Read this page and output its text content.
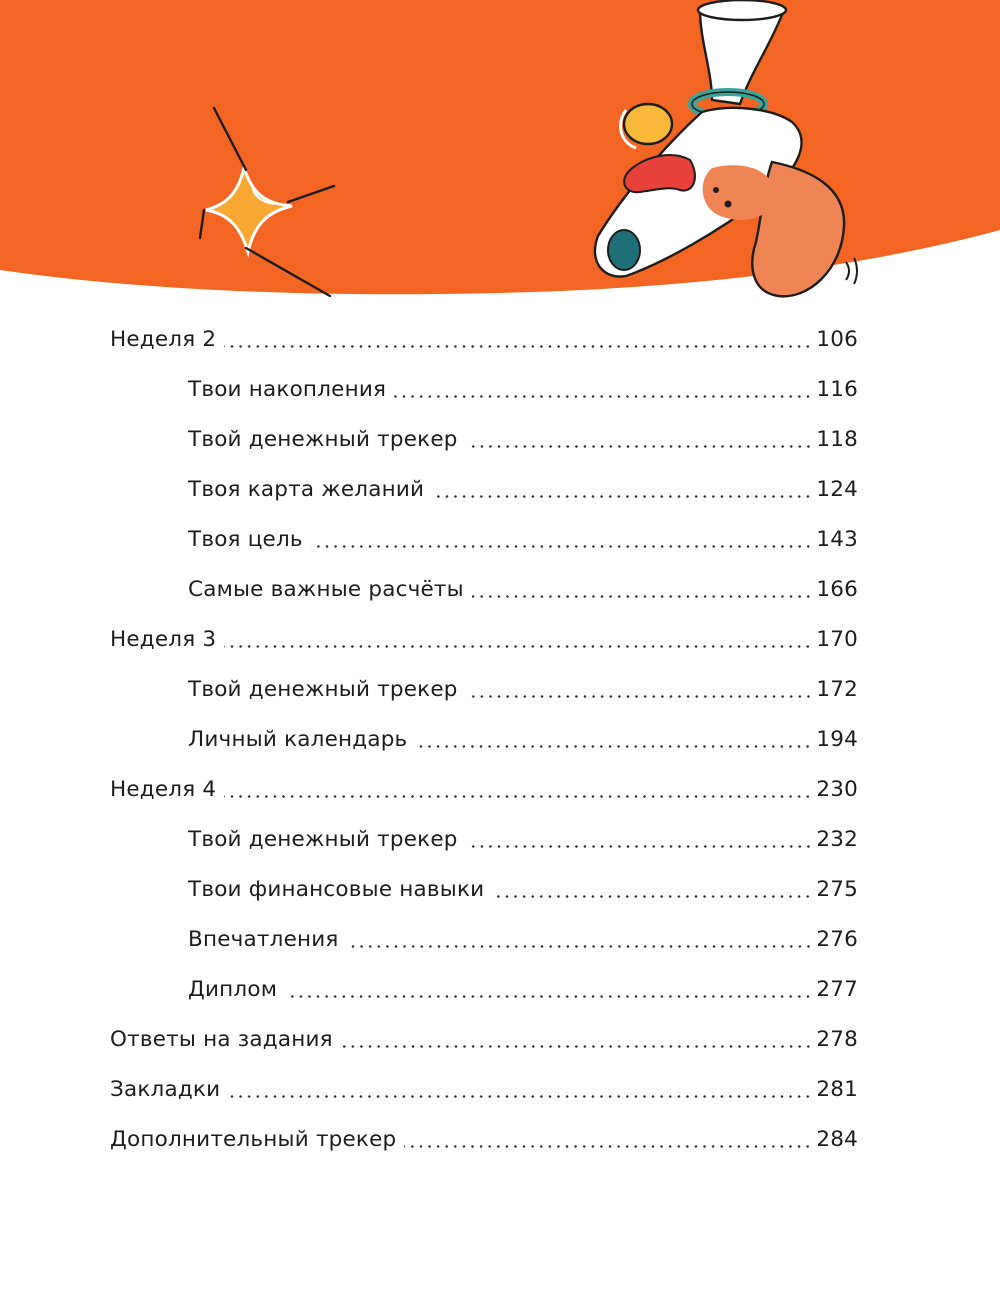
Неделя 2	106
Твои накопления	116
Твой денежный трекер	118
Твоя карта желаний	124
Твоя цель	143
Самые важные расчёты	166
Неделя 3	170
Твой денежный трекер	172
Личный календарь	194
Неделя 4	230
Твой денежный трекер	232
Твои финансовые навыки	275
Впечатления	276
Диплом	277
Ответы на задания	278
Закладки	281
Дополнительный трекер	284
